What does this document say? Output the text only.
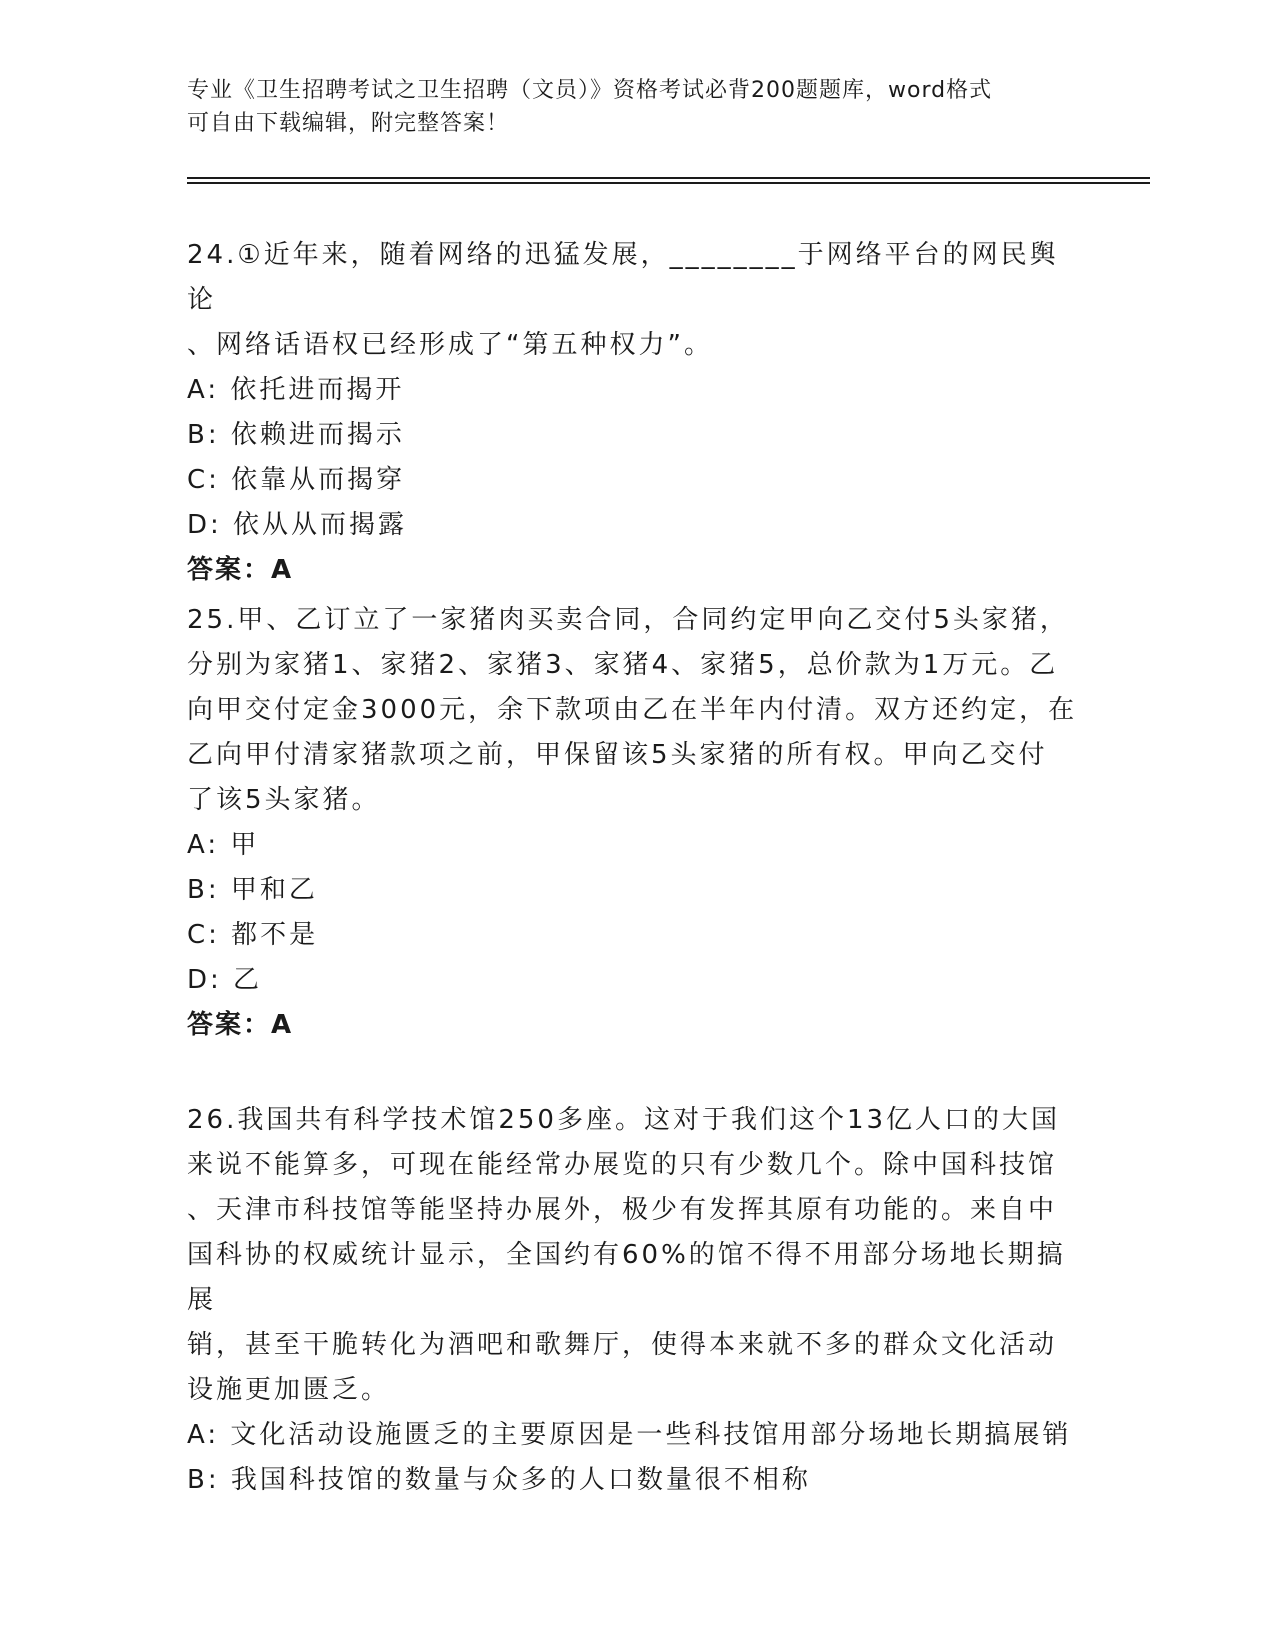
专业《卫生招聘考试之卫生招聘（文员）》资格考试必背200题题库，word格式
可自由下载编辑，附完整答案！
24.①近年来，随着网络的迅猛发展，________于网络平台的网民舆论
、网络话语权已经形成了“第五种权力”。
A: 依托进而揭开
B: 依赖进而揭示
C: 依靠从而揭穿
D: 依从从而揭露
答案：A
25.甲、乙订立了一家猪肉买卖合同，合同约定甲向乙交付5头家猪，
分别为家猪1、家猪2、家猪3、家猪4、家猪5，总价款为1万元。乙
向甲交付定金3000元，余下款项由乙在半年内付清。双方还约定，在
乙向甲付清家猪款项之前，甲保留该5头家猪的所有权。甲向乙交付
了该5头家猪。
A: 甲
B: 甲和乙
C: 都不是
D: 乙
答案：A
26.我国共有科学技术馆250多座。这对于我们这个13亿人口的大国
来说不能算多，可现在能经常办展览的只有少数几个。除中国科技馆
、天津市科技馆等能坚持办展外，极少有发挥其原有功能的。来自中
国科协的权威统计显示，全国约有60%的馆不得不用部分场地长期搞展
销，甚至干脆转化为酒吧和歌舞厅，使得本来就不多的群众文化活动
设施更加匮乏。
A: 文化活动设施匮乏的主要原因是一些科技馆用部分场地长期搞展销
B: 我国科技馆的数量与众多的人口数量很不相称
